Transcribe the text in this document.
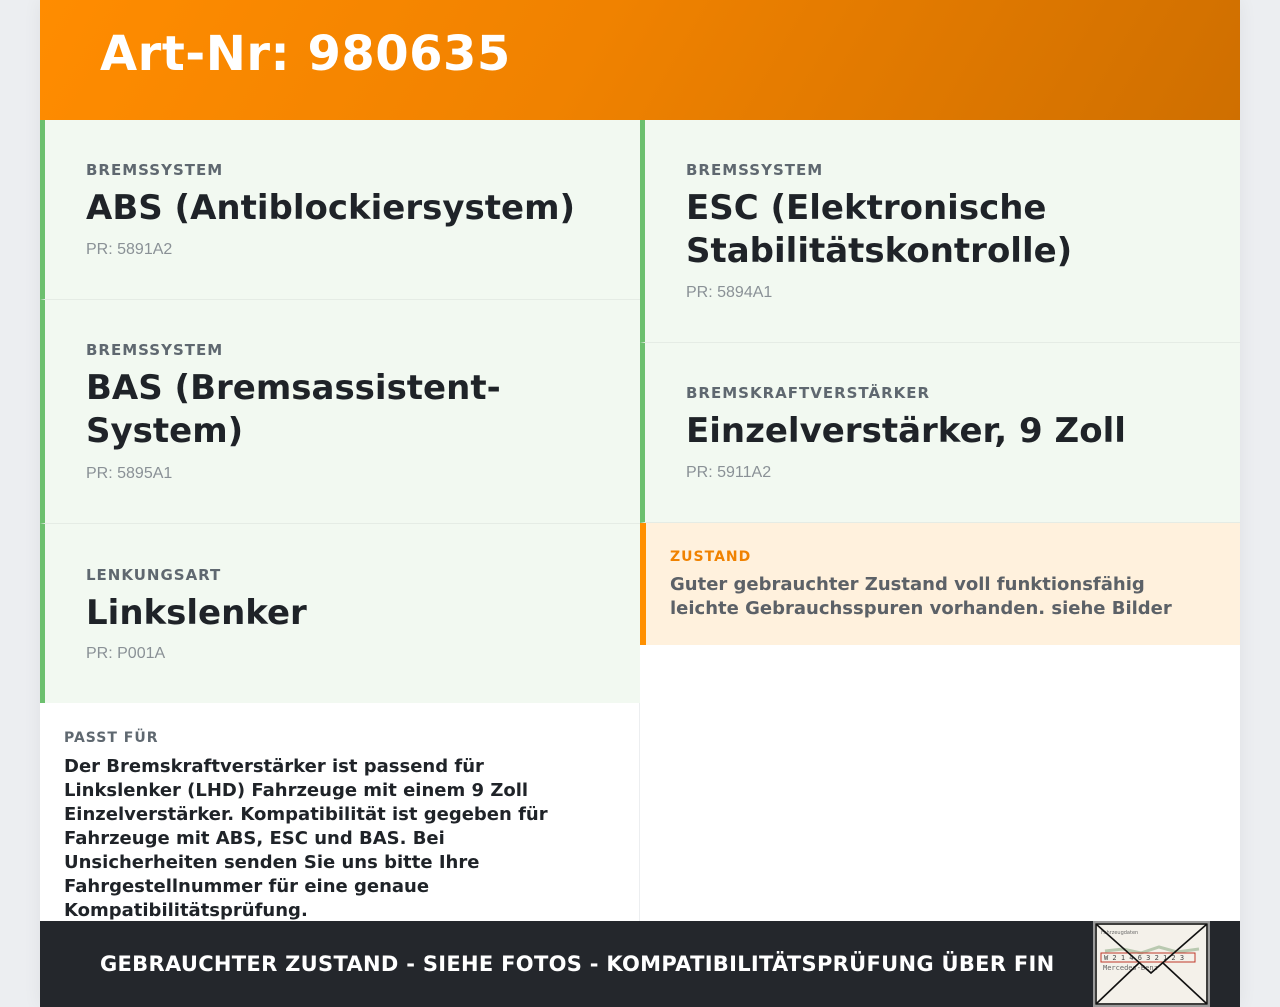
Art-Nr: 980635
BREMSSYSTEM
ABS (Antiblockiersystem)
PR: 5891A2
BREMSSYSTEM
BAS (Bremsassistent-System)
PR: 5895A1
LENKUNGSART
Linkslenker
PR: P001A
BREMSSYSTEM
ESC (Elektronische Stabilitätskontrolle)
PR: 5894A1
BREMSKRAFTVERSTÄRKER
Einzelverstärker, 9 Zoll
PR: 5911A2
ZUSTAND
Guter gebrauchter Zustand voll funktionsfähig leichte Gebrauchsspuren vorhanden. siehe Bilder
PASST FÜR
Der Bremskraftverstärker ist passend für Linkslenker (LHD) Fahrzeuge mit einem 9 Zoll Einzelverstärker. Kompatibilität ist gegeben für Fahrzeuge mit ABS, ESC und BAS. Bei Unsicherheiten senden Sie uns bitte Ihre Fahrgestellnummer für eine genaue Kompatibilitätsprüfung.
GEBRAUCHTER ZUSTAND - SIEHE FOTOS - KOMPATIBILITÄTSPRÜFUNG ÜBER FIN
Fahrzeugdaten
W 2 1 4 6 3 2 1 2 3
Mercedes-Benz
